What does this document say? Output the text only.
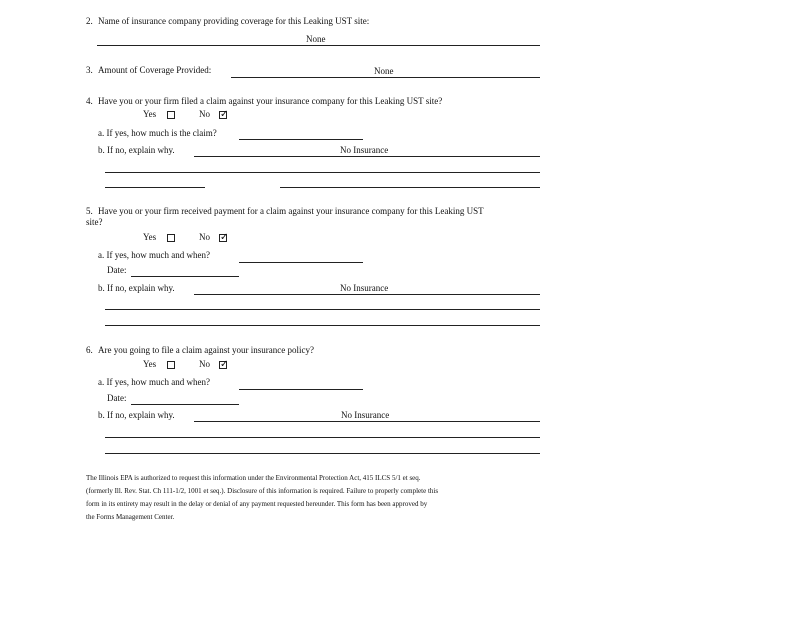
2. Name of insurance company providing coverage for this Leaking UST site:
None
3. Amount of Coverage Provided:	None
4. Have you or your firm filed a claim against your insurance company for this Leaking UST site?
Yes	No
✓
a. If yes, how much is the claim?
b. If no, explain why.	No Insurance
5. Have you or your firm received payment for a claim against your insurance company for this Leaking UST
site?
Yes	No
✓
a. If yes, how much and when?
Date:
b. If no, explain why.	No Insurance
6. Are you going to file a claim against your insurance policy?
Yes	No
✓
a. If yes, how much and when?
Date:
b. If no, explain why.	No Insurance
The Illinois EPA is authorized to request this information under the Environmental Protection Act, 415 ILCS 5/1 et seq.
(formerly Ill. Rev. Stat. Ch 111-1/2, 1001 et seq.). Disclosure of this information is required. Failure to properly complete this
form in its entirety may result in the delay or denial of any payment requested hereunder. This form has been approved by
the Forms Management Center.
